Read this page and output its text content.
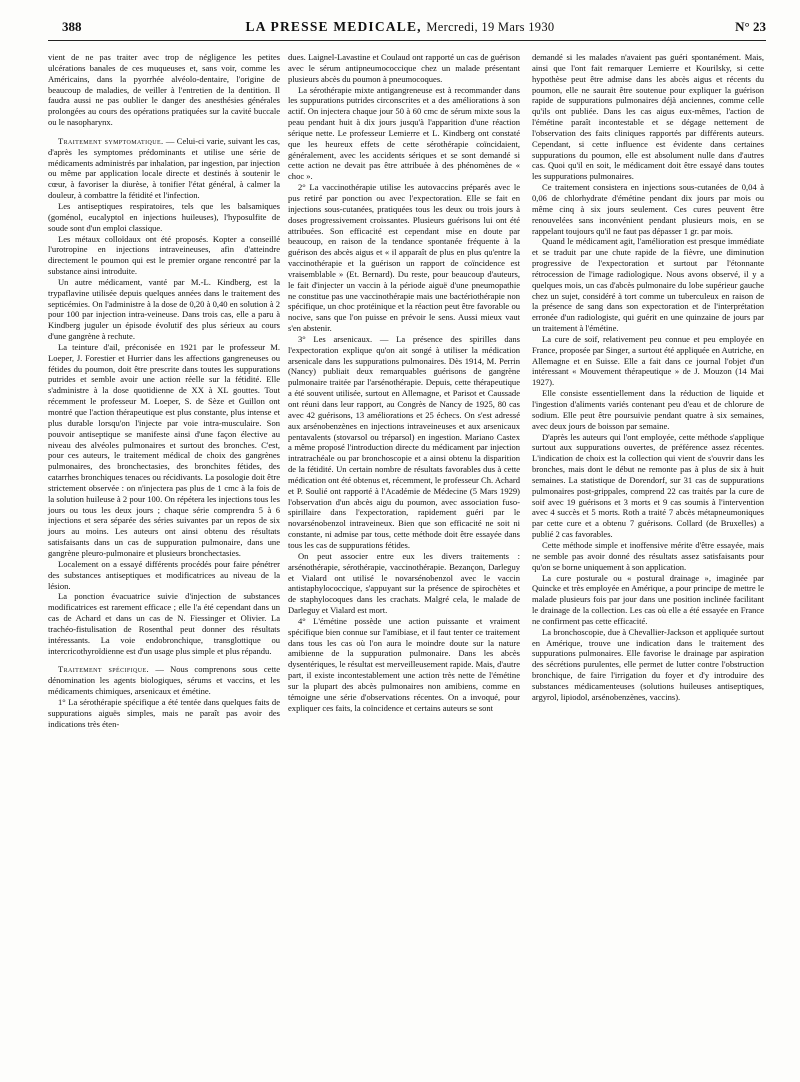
388	LA PRESSE MEDICALE, Mercredi, 19 Mars 1930	N° 23

vient de ne pas traiter avec trop de négligence les petites ulcérations banales de ces muqueuses et, sans voir, comme les Américains, dans la pyorrhée alvéolo-dentaire, l'origine de beaucoup de maladies, de veiller à l'entretien de la dentition. Il faudra aussi ne pas oublier le danger des anesthésies générales prolongées au cours des opérations pratiquées sur la cavité buccale ou le nasopharynx.

Traitement symptomatique. — Celui-ci varie, suivant les cas, d'après les symptomes prédominants et utilise une série de médicaments administrés par inhalation, par ingestion, par injection ou même par application locale directe et destinés à soutenir le cœur, à favoriser la diurèse, à tonifier l'état général, à calmer la douleur, à combattre la fétidité et l'infection.

Les antiseptiques respiratoires, tels que les balsamiques (goménol, eucalyptol en injections huileuses), l'hyposulfite de soude sont d'un emploi classique.

Les métaux colloïdaux ont été proposés. Kopter a conseillé l'urotropine en injections intraveineuses, afin d'atteindre directement le poumon qui est le premier organe rencontré par la substance ainsi introduite.

Un autre médicament, vanté par M.-L. Kindberg, est la trypaflavine utilisée depuis quelques années dans le traitement des septicémies. On l'administre à la dose de 0,20 à 0,40 en solution à 2 pour 100 par injection intra-veineuse. Dans trois cas, elle a paru à Kindberg juguler un épisode évolutif des plus sérieux au cours d'une gangrène à rechute.

La teinture d'ail, préconisée en 1921 par le professeur M. Loeper, J. Forestier et Hurrier dans les affections gangreneuses ou fétides du poumon, doit être prescrite dans toutes les suppurations putrides et semble avoir une action réelle sur la fétidité. Elle s'administre à la dose quotidienne de XX à XL gouttes. Tout récemment le professeur M. Loeper, S. de Sèze et Guillon ont montré que l'action thérapeutique est plus constante, plus intense et plus durable lorsqu'on l'injecte par voie intra-musculaire. Son pouvoir antiseptique se manifeste ainsi d'une façon élective au niveau des alvéoles pulmonaires et surtout des bronches. C'est, pour ces auteurs, le traitement médical de choix des gangrènes pulmonaires, des bronchectasies, des bronchites fétides, des catarrhes bronchiques tenaces ou récidivants. La posologie doit être strictement observée : on n'injectera pas plus de 1 cmc à la fois de la solution huileuse à 2 pour 100. On répétera les injections tous les jours ou tous les deux jours ; chaque série comprendra 5 à 6 injections et sera séparée des séries suivantes par un repos de six jours au moins. Les auteurs ont ainsi obtenu des résultats satisfaisants dans un cas de suppuration pulmonaire, dans une gangrène pleuro-pulmonaire et plusieurs bronchectasies.

Localement on a essayé différents procédés pour faire pénétrer des substances antiseptiques et modificatrices au niveau de la lésion.

La ponction évacuatrice suivie d'injection de substances modificatrices est rarement efficace ; elle l'a été cependant dans un cas de Achard et dans un cas de N. Fiessinger et Olivier. La trachéo-fistulisation de Rosenthal peut donner des résultats intéressants. La voie endobronchique, transglottique ou intercricothyroïdienne est d'un usage plus simple et plus répandu.

Traitement spécifique. — Nous comprenons sous cette dénomination les agents biologiques, sérums et vaccins, et les médicaments chimiques, arsenicaux et émétine.

1° La sérothérapie spécifique a été tentée dans quelques faits de suppurations aiguës simples, mais ne paraît pas avoir des indications très éten-

dues. Laignel-Lavastine et Coulaud ont rapporté un cas de guérison avec le sérum antipneumococcique chez un malade présentant plusieurs abcès du poumon à pneumocoques.

La sérothérapie mixte antigangreneuse est à recommander dans les suppurations putrides circonscrites et a des améliorations à son actif. On injectera chaque jour 50 à 60 cmc de sérum mixte sous la peau pendant huit à dix jours jusqu'à l'apparition d'une réaction sérique nette. Le professeur Lemierre et L. Kindberg ont constaté que les heureux effets de cette sérothérapie coïncidaient, généralement, avec les accidents sériques et se sont demandé si cette action ne devait pas être attribuée à des phénomènes de « choc ».

2° La vaccinothérapie utilise les autovaccins préparés avec le pus retiré par ponction ou avec l'expectoration. Elle se fait en injections sous-cutanées, pratiquées tous les deux ou trois jours à doses progressivement croissantes. Plusieurs guérisons lui ont été attribuées. Son efficacité est cependant mise en doute par beaucoup, en raison de la tendance spontanée fréquente à la guérison des abcès aigus et « il apparaît de plus en plus qu'entre la vaccinothérapie et la guérison un rapport de coïncidence est vraisemblable » (Et. Bernard). Du reste, pour beaucoup d'auteurs, le fait d'injecter un vaccin à la période aiguë d'une pneumopathie ne constitue pas une vaccinothérapie mais une bactériothérapie non spécifique, un choc protéinique et la réaction peut être favorable ou nocive, sans que l'on puisse en prévoir le sens. Aussi mieux vaut s'en abstenir.

3° Les arsenicaux. — La présence des spirilles dans l'expectoration explique qu'on ait songé à utiliser la médication arsenicale dans les suppurations pulmonaires. Dès 1914, M. Perrin (Nancy) publiait deux remarquables guérisons de gangrène pulmonaire traitée par l'arsénothérapie. Depuis, cette thérapeutique a été souvent utilisée, surtout en Allemagne, et Parisot et Caussade ont réuni dans leur rapport, au Congrès de Nancy de 1925, 80 cas avec 42 guérisons, 13 améliorations et 25 échecs. On s'est adressé aux arsénobenzènes en injections intraveineuses et aux arsenicaux pentavalents (stovarsol ou tréparsol) en ingestion. Mariano Castex a même proposé l'introduction directe du médicament par injection intratrachéale ou par bronchoscopie et a ainsi obtenu la disparition de la fétidité. Un certain nombre de résultats favorables dus à cette médication ont été obtenus et, récemment, le professeur Ch. Achard et P. Soulié ont rapporté à l'Académie de Médecine (5 Mars 1929) l'observation d'un abcès aigu du poumon, avec association fuso-spirillaire dans l'expectoration, rapidement guéri par le novarsénobenzol intraveineux. Bien que son efficacité ne soit ni constante, ni admise par tous, cette méthode doit être essayée dans tous les cas de suppurations fétides.

On peut associer entre eux les divers traitements : arsénothérapie, sérothérapie, vaccinothérapie. Bezançon, Darleguy et Vialard ont utilisé le novarsénobenzol avec le vaccin antistaphylococcique, s'appuyant sur la présence de spirochètes et de staphylocoques dans les crachats. Malgré cela, le malade de Darleguy et Vialard est mort.

4° L'émétine possède une action puissante et vraiment spécifique bien connue sur l'amibiase, et il faut tenter ce traitement dans tous les cas où l'on aura le moindre doute sur la nature amibienne de la suppuration pulmonaire. Dans les abcès dysentériques, le résultat est merveilleusement rapide. Mais, d'autre part, il existe incontestablement une action très nette de l'émétine sur la plupart des abcès pulmonaires non amibiens, comme en témoigne une série d'observations récentes. On a invoqué, pour expliquer ces faits, la coïncidence et certains auteurs se sont

demandé si les malades n'avaient pas guéri spontanément. Mais, ainsi que l'ont fait remarquer Lemierre et Kourilsky, si cette hypothèse peut être admise dans les abcès aigus et récents du poumon, elle ne saurait être soutenue pour expliquer la guérison rapide de suppurations pulmonaires déjà anciennes, comme celle qu'ils ont publiée. Dans les cas aigus eux-mêmes, l'action de l'émétine paraît incontestable et se dégage nettement de l'observation des faits cliniques rapportés par différents auteurs. Cependant, si cette influence est évidente dans certaines suppurations du poumon, elle est absolument nulle dans d'autres cas. Quoi qu'il en soit, le médicament doit être essayé dans toutes les suppurations pulmonaires.

Ce traitement consistera en injections sous-cutanées de 0,04 à 0,06 de chlorhydrate d'émétine pendant dix jours par mois ou même cinq à six jours seulement. Ces cures peuvent être renouvelées sans inconvénient pendant plusieurs mois, en se rappelant toujours qu'il ne faut pas dépasser 1 gr. par mois.

Quand le médicament agit, l'amélioration est presque immédiate et se traduit par une chute rapide de la fièvre, une diminution progressive de l'expectoration et surtout par l'étonnante rétrocession de l'image radiologique. Nous avons observé, il y a quelques mois, un cas d'abcès pulmonaire du lobe supérieur gauche chez un sujet, considéré à tort comme un tuberculeux en raison de la présence de sang dans son expectoration et de l'interprétation erronée d'un radiologiste, qui guérit en une quinzaine de jours par un traitement à l'émétine.

La cure de soif, relativement peu connue et peu employée en France, proposée par Singer, a surtout été appliquée en Autriche, en Allemagne et en Suisse. Elle a fait dans ce journal l'objet d'un intéressant « Mouvement thérapeutique » de J. Mouzon (14 Mai 1927).

Elle consiste essentiellement dans la réduction de liquide et l'ingestion d'aliments variés contenant peu d'eau et de chlorure de sodium. Elle peut être poursuivie pendant quatre à six semaines, avec deux jours de boisson par semaine.

D'après les auteurs qui l'ont employée, cette méthode s'applique surtout aux suppurations ouvertes, de préférence assez récentes. L'indication de choix est la collection qui vient de s'ouvrir dans les bronches, mais dont le début ne remonte pas à plus de six à huit semaines. La statistique de Dorendorf, sur 31 cas de suppurations pulmonaires post-grippales, comprend 22 cas traités par la cure de soif avec 19 guérisons et 3 morts et 9 cas soumis à l'intervention avec 4 succès et 5 morts. Roth a traité 7 abcès métapneumoniques par cette cure et a obtenu 7 guérisons. Collard (de Bruxelles) a publié 2 cas favorables.

Cette méthode simple et inoffensive mérite d'être essayée, mais ne semble pas avoir donné des résultats assez satisfaisants pour qu'on se borne uniquement à son application.

La cure posturale ou « postural drainage », imaginée par Quincke et très employée en Amérique, a pour principe de mettre le malade plusieurs fois par jour dans une position inclinée facilitant le drainage de la collection. Les cas où elle a été essayée en France ne confirment pas cette efficacité.

La bronchoscopie, due à Chevallier-Jackson et appliquée surtout en Amérique, trouve une indication dans le traitement des suppurations pulmonaires. Elle favorise le drainage par aspiration des sécrétions purulentes, elle permet de lutter contre l'obstruction bronchique, de faire l'irrigation du foyer et d'y introduire des substances médicamenteuses (solutions huileuses antiseptiques, argyrol, lipiodol, arsénobenzènes, vaccins).
